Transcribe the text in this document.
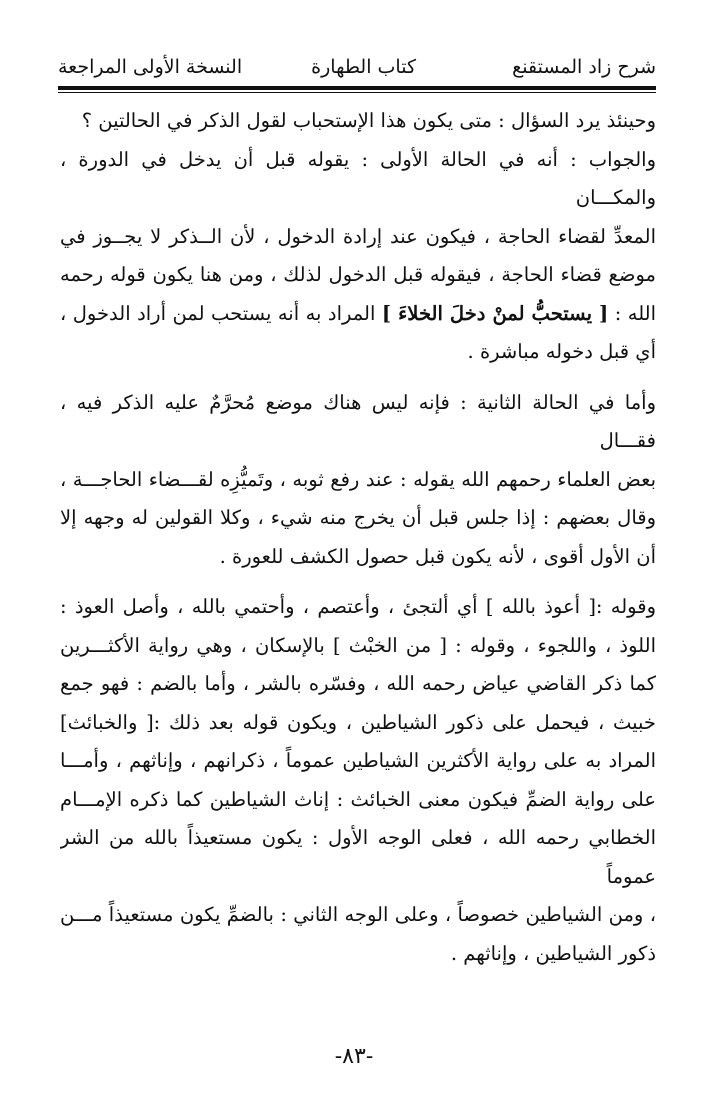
شرح زاد المستقنع
كتاب الطهارة
النسخة الأولى المراجعة

وحينئذ يرد السؤال : متى يكون هذا الإستحباب لقول الذكر في الحالتين ؟

والجواب : أنه في الحالة الأولى : يقوله قبل أن يدخل في الدورة ، والمكـــان
المعدِّ لقضاء الحاجة ، فيكون عند إرادة الدخول ، لأن الــذكر لا يجــوز في
موضع قضاء الحاجة ، فيقوله قبل الدخول لذلك ، ومن هنا يكون قوله رحمه
الله : [ يستحبُّ لمنْ دخلَ الخلاءَ ] المراد به أنه يستحب لمن أراد الدخول ،
أي قبل دخوله مباشرة .

وأما في الحالة الثانية : فإنه ليس هناك موضع مُحرَّمٌ عليه الذكر فيه ، فقـــال
بعض العلماء رحمهم الله يقوله : عند رفع ثوبه ، وتَميُّزِه لقـــضاء الحاجـــة ،
وقال بعضهم : إذا جلس قبل أن يخرج منه شيء ، وكلا القولين له وجهه إلا
أن الأول أقوى ، لأنه يكون قبل حصول الكشف للعورة .

وقوله :[ أعوذ بالله ] أي ألتجئ ، وأعتصم ، وأحتمي بالله ، وأصل العوذ :
اللوذ ، واللجوء ، وقوله : [ من الخبْث ] بالإسكان ، وهي رواية الأكثـــرين
كما ذكر القاضي عياض رحمه الله ، وفسّره بالشر ، وأما بالضم : فهو جمع
خبيث ، فيحمل على ذكور الشياطين ، ويكون قوله بعد ذلك :[ والخبائث]
المراد به على رواية الأكثرين الشياطين عموماً ، ذكرانهم ، وإناثهم ، وأمـــا
على رواية الضمِّ فيكون معنى الخبائث : إناث الشياطين كما ذكره الإمـــام
الخطابي رحمه الله ، فعلى الوجه الأول : يكون مستعيذاً بالله من الشر عموماً
، ومن الشياطين خصوصاً ، وعلى الوجه الثاني : بالضمِّ يكون مستعيذاً مـــن
ذكور الشياطين ، وإناثهم .

-٨٣-
